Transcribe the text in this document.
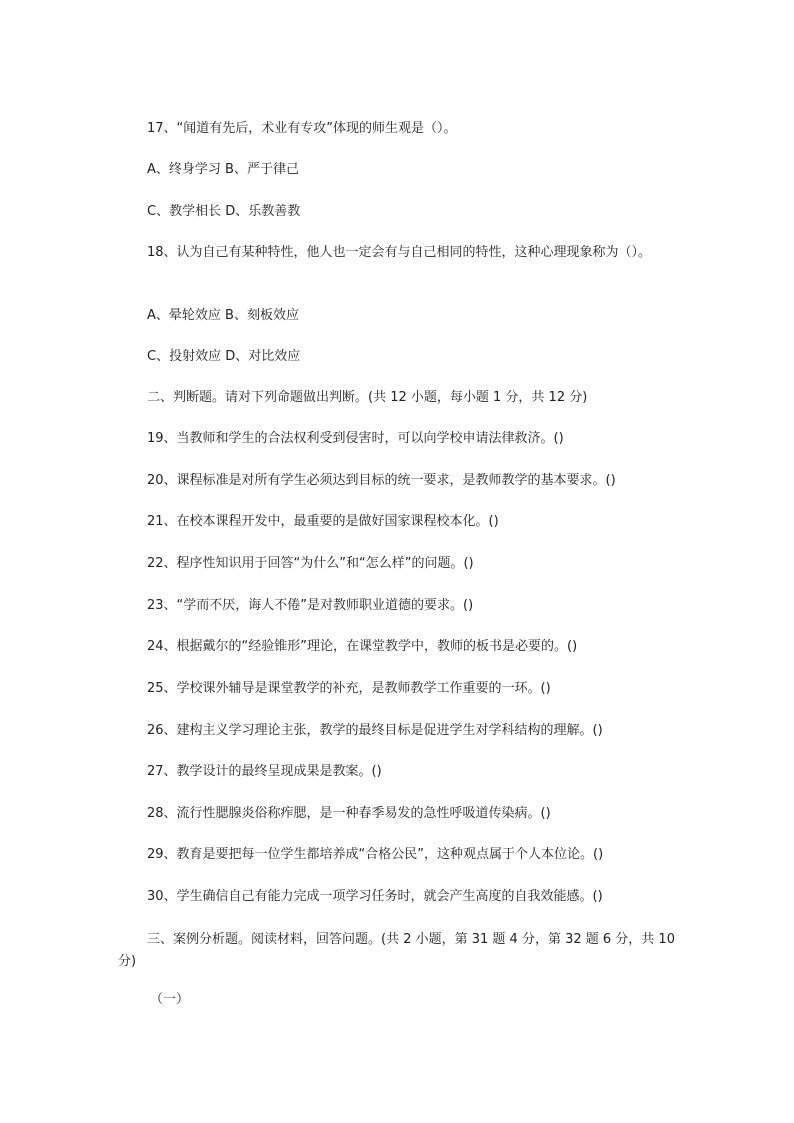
17、“闻道有先后，术业有专攻”体现的师生观是（）。
A、终身学习 B、严于律己
C、教学相长 D、乐教善教
18、认为自己有某种特性，他人也一定会有与自己相同的特性，这种心理现象称为（）。
A、晕轮效应 B、刻板效应
C、投射效应 D、对比效应
二、判断题。请对下列命题做出判断。(共 12 小题，每小题 1 分，共 12 分)
19、当教师和学生的合法权利受到侵害时，可以向学校申请法律救济。()
20、课程标准是对所有学生必须达到目标的统一要求，是教师教学的基本要求。()
21、在校本课程开发中，最重要的是做好国家课程校本化。()
22、程序性知识用于回答“为什么”和“怎么样”的问题。()
23、“学而不厌，诲人不倦”是对教师职业道德的要求。()
24、根据戴尔的“经验锥形”理论，在课堂教学中，教师的板书是必要的。()
25、学校课外辅导是课堂教学的补充，是教师教学工作重要的一环。()
26、建构主义学习理论主张，教学的最终目标是促进学生对学科结构的理解。()
27、教学设计的最终呈现成果是教案。()
28、流行性腮腺炎俗称痄腮，是一种春季易发的急性呼吸道传染病。()
29、教育是要把每一位学生都培养成“合格公民”，这种观点属于个人本位论。()
30、学生确信自己有能力完成一项学习任务时，就会产生高度的自我效能感。()
三、案例分析题。阅读材料，回答问题。(共 2 小题，第 31 题 4 分，第 32 题 6 分，共 10 分)
（一）
